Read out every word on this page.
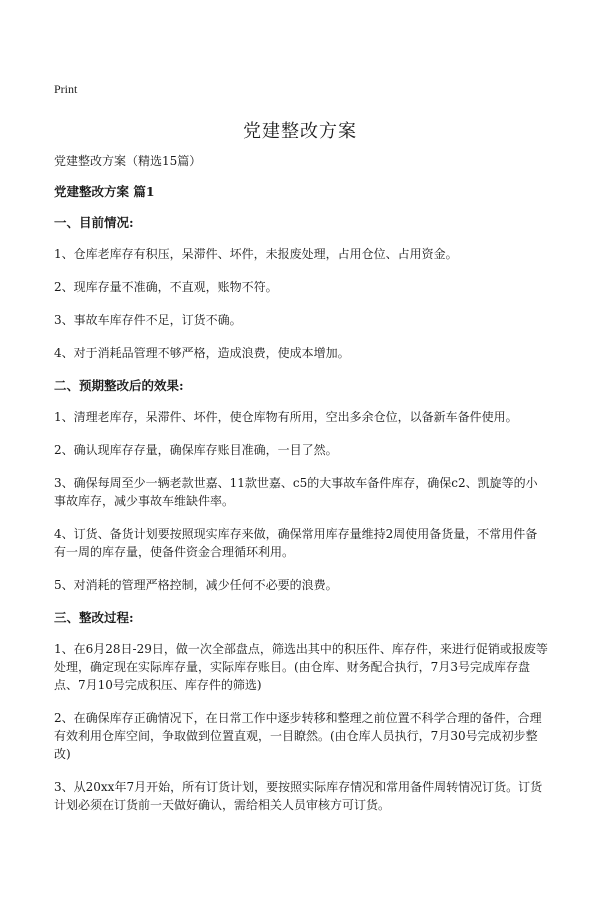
Print
党建整改方案

党建整改方案（精选15篇）

党建整改方案 篇1

一、目前情况:

1、仓库老库存有积压，呆滞件、坏件，未报废处理，占用仓位、占用资金。

2、现库存量不准确，不直观，账物不符。

3、事故车库存件不足，订货不确。

4、对于消耗品管理不够严格，造成浪费，使成本增加。

二、预期整改后的效果:

1、清理老库存，呆滞件、坏件，使仓库物有所用，空出多余仓位，以备新车备件使用。

2、确认现库存存量，确保库存账目准确，一目了然。

3、确保每周至少一辆老款世嘉、11款世嘉、c5的大事故车备件库存，确保c2、凯旋等的小事故库存，减少事故车维缺件率。

4、订货、备货计划要按照现实库存来做，确保常用库存量维持2周使用备货量，不常用件备有一周的库存量，使备件资金合理循环利用。

5、对消耗的管理严格控制，减少任何不必要的浪费。

三、整改过程:

1、在6月28日-29日，做一次全部盘点，筛选出其中的积压件、库存件，来进行促销或报废等处理，确定现在实际库存量，实际库存账目。(由仓库、财务配合执行，7月3号完成库存盘点、7月10号完成积压、库存件的筛选)

2、在确保库存正确情况下，在日常工作中逐步转移和整理之前位置不科学合理的备件，合理有效利用仓库空间，争取做到位置直观，一目瞭然。(由仓库人员执行，7月30号完成初步整改)

3、从20xx年7月开始，所有订货计划，要按照实际库存情况和常用备件周转情况订货。订货计划必须在订货前一天做好确认，需给相关人员审核方可订货。
